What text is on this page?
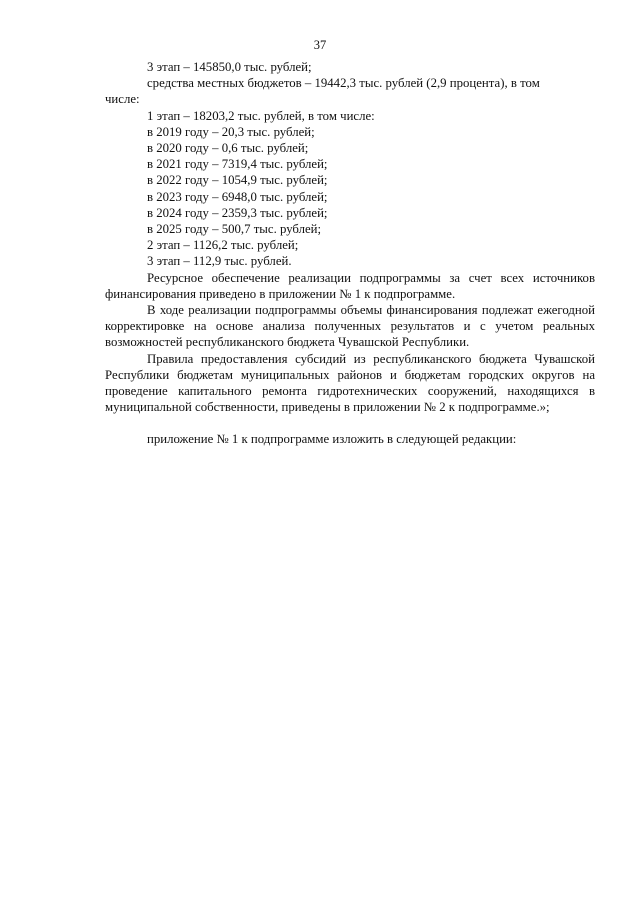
37
3 этап – 145850,0 тыс. рублей;
средства местных бюджетов – 19442,3 тыс. рублей (2,9 процента), в том
числе:
1 этап – 18203,2 тыс. рублей, в том числе:
в 2019 году – 20,3 тыс. рублей;
в 2020 году – 0,6 тыс. рублей;
в 2021 году – 7319,4 тыс. рублей;
в 2022 году – 1054,9 тыс. рублей;
в 2023 году – 6948,0 тыс. рублей;
в 2024 году – 2359,3 тыс. рублей;
в 2025 году – 500,7 тыс. рублей;
2 этап – 1126,2 тыс. рублей;
3 этап – 112,9 тыс. рублей.
Ресурсное обеспечение реализации подпрограммы за счет всех источников финансирования приведено в приложении № 1 к подпрограмме.
В ходе реализации подпрограммы объемы финансирования подлежат ежегодной корректировке на основе анализа полученных результатов и с учетом реальных возможностей республиканского бюджета Чувашской Республики.
Правила предоставления субсидий из республиканского бюджета Чувашской Республики бюджетам муниципальных районов и бюджетам городских округов на проведение капитального ремонта гидротехнических сооружений, находящихся в муниципальной собственности, приведены в приложении № 2 к подпрограмме.»;
приложение № 1 к подпрограмме изложить в следующей редакции:
